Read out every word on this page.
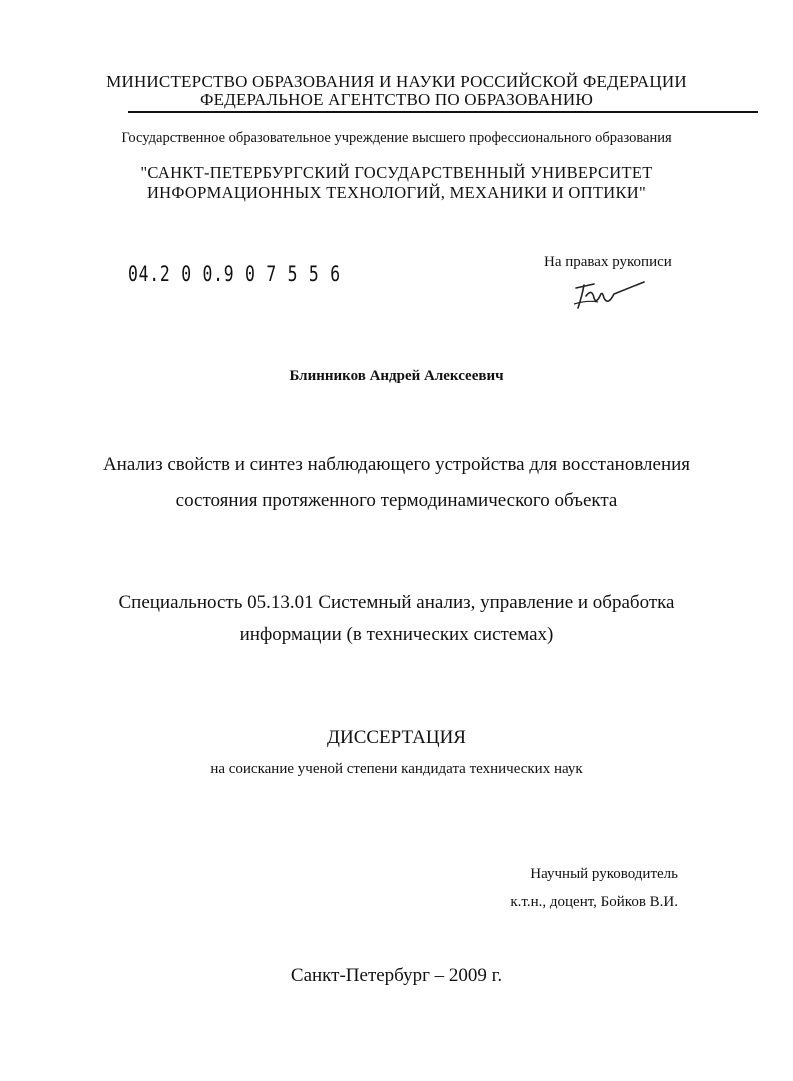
МИНИСТЕРСТВО ОБРАЗОВАНИЯ И НАУКИ РОССИЙСКОЙ ФЕДЕРАЦИИ
ФЕДЕРАЛЬНОЕ АГЕНТСТВО ПО ОБРАЗОВАНИЮ
Государственное образовательное учреждение высшего профессионального образования
"САНКТ-ПЕТЕРБУРГСКИЙ ГОСУДАРСТВЕННЫЙ УНИВЕРСИТЕТ
ИНФОРМАЦИОННЫХ ТЕХНОЛОГИЙ, МЕХАНИКИ И ОПТИКИ"
04.2 0 0.9 0 7 5 5 6	На правах рукописи
Блинников Андрей Алексеевич
Анализ свойств и синтез наблюдающего устройства для восстановления
состояния протяженного термодинамического объекта
Специальность 05.13.01 Системный анализ, управление и обработка
информации (в технических системах)
ДИССЕРТАЦИЯ
на соискание ученой степени кандидата технических наук
Научный руководитель
к.т.н., доцент, Бойков В.И.
Санкт-Петербург – 2009 г.
